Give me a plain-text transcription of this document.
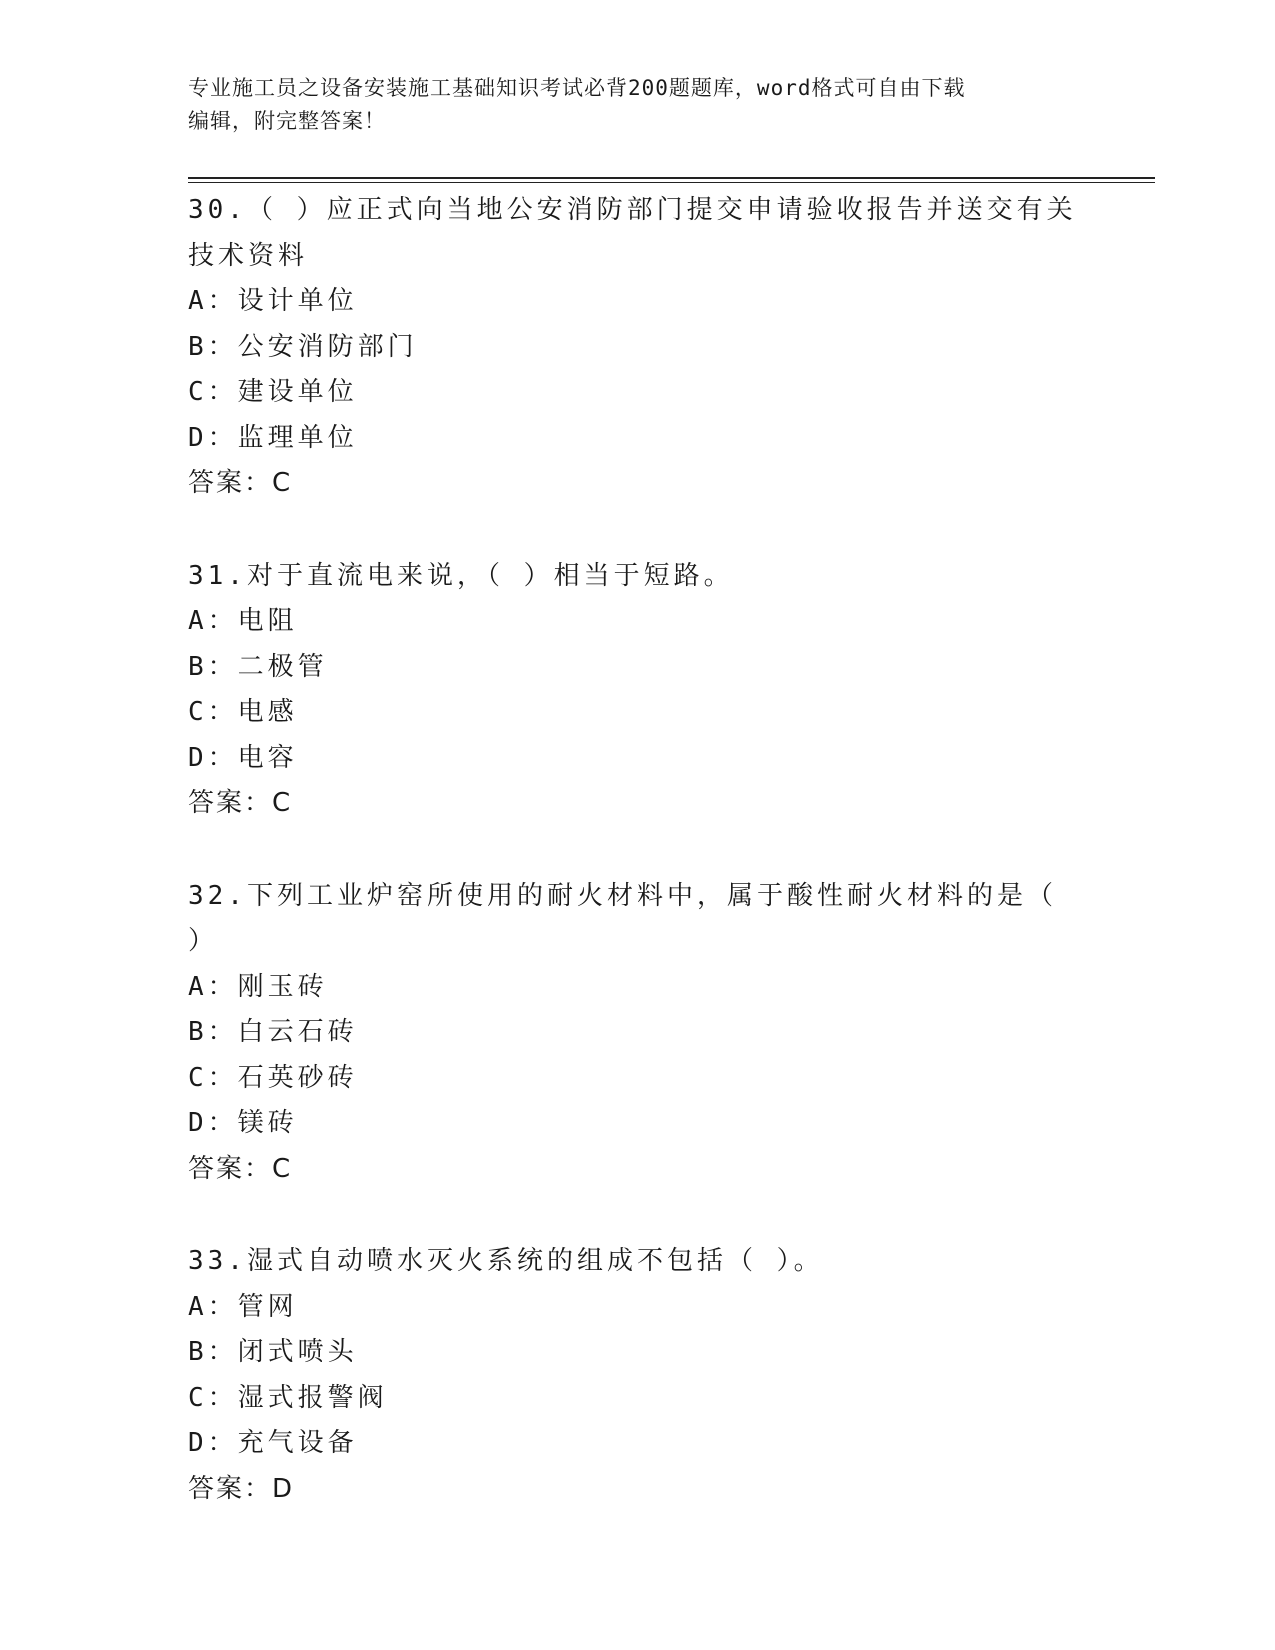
专业施工员之设备安装施工基础知识考试必背200题题库，word格式可自由下载
编辑，附完整答案！
30.（ ）应正式向当地公安消防部门提交申请验收报告并送交有关技术资料
A：设计单位
B：公安消防部门
C：建设单位
D：监理单位
答案：C
31.对于直流电来说，（ ）相当于短路。
A：电阻
B：二极管
C：电感
D：电容
答案：C
32.下列工业炉窑所使用的耐火材料中，属于酸性耐火材料的是（ ）
A：刚玉砖
B：白云石砖
C：石英砂砖
D：镁砖
答案：C
33.湿式自动喷水灭火系统的组成不包括（ ）。
A：管网
B：闭式喷头
C：湿式报警阀
D：充气设备
答案：D
